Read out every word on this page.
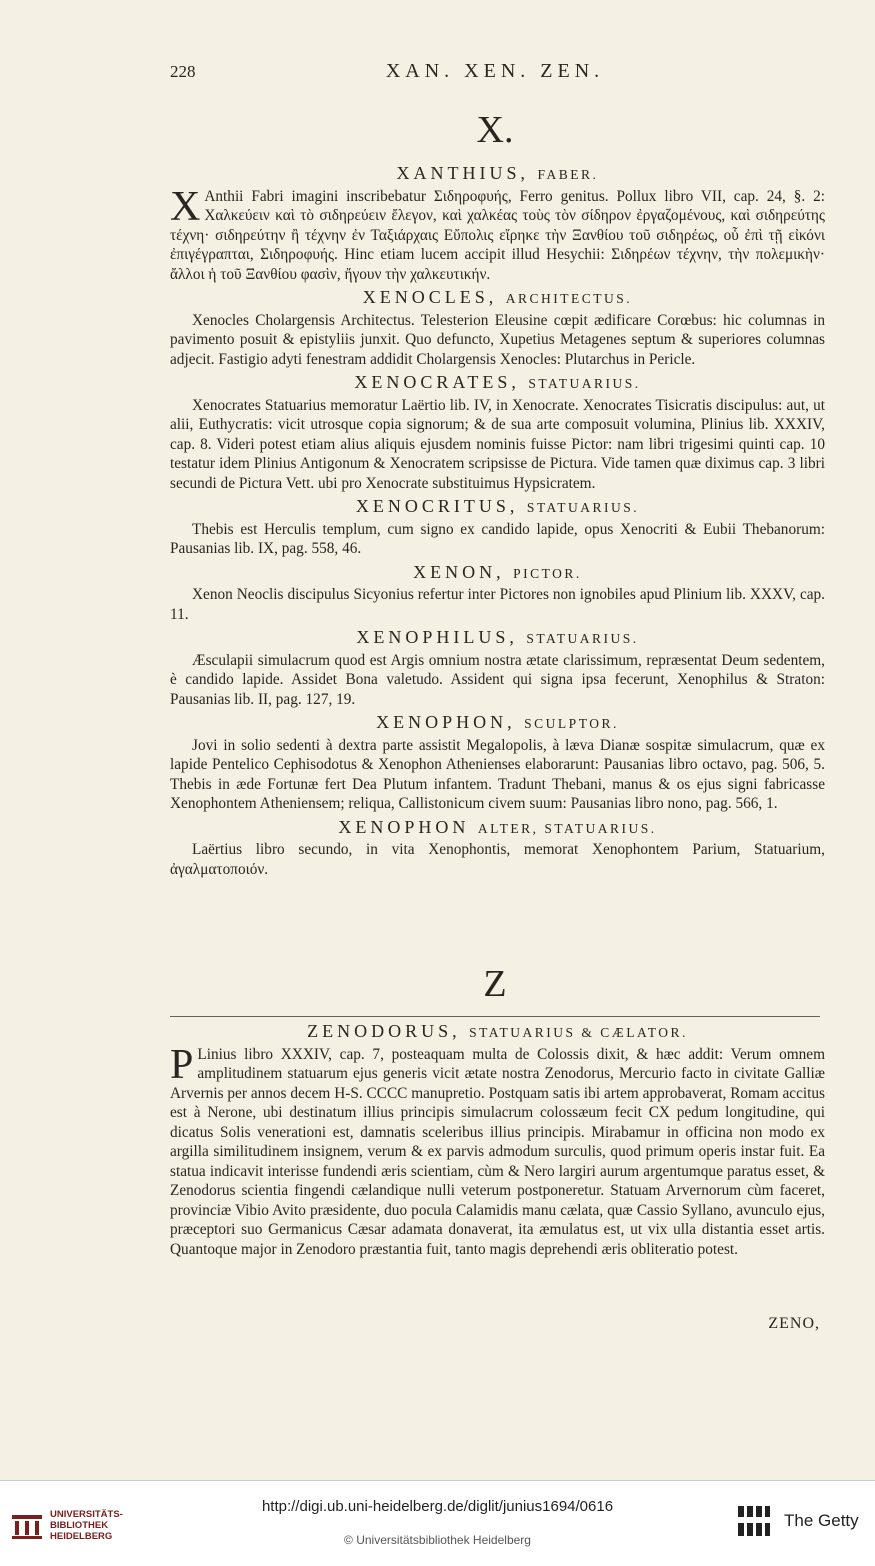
228	XAN. XEN. ZEN.
X.
XANTHIUS, FABER.

X Anthii Fabri imagini inscribebatur Σιδηροφυής, Ferro genitus. Pollux libro VII, cap. 24, §. 2: Χαλκεύειν καὶ τὸ σιδηρεύειν ἔλεγον, καὶ χαλκέας τοὺς τὸν σίδηρον ἐργαζομένους, καὶ σιδηρεύτης τέχνη· σιδηρεύτην ἢ τέχνην ἐν Ταξιάρχαις Εὔπολις εἴρηκε τὴν Ξανθίου τοῦ σιδηρέως, οὗ ἐπὶ τῇ εἰκόνι ἐπιγέγραπται, Σιδηροφυής. Hinc etiam lucem accipit illud Hesychii: Σιδηρέων τέχνην, τὴν πολεμικὴν· ἄλλοι ἡ τοῦ Ξανθίου φασὶν, ἤγουν τὴν χαλκευτικήν.

XENOCLES, ARCHITECTUS.

Xenocles Cholargensis Architectus. Telesterion Eleusine cœpit ædificare Corœbus: hic columnas in pavimento posuit & epistyliis junxit. Quo defuncto, Xupetius Metagenes septum & superiores columnas adjecit. Fastigio adyti fenestram addidit Cholargensis Xenocles: Plutarchus in Pericle.

XENOCRATES, STATUARIUS.

Xenocrates Statuarius memoratur Laërtio lib. IV, in Xenocrate. Xenocrates Tisicratis discipulus: aut, ut alii, Euthycratis: vicit utrosque copia signorum; & de sua arte composuit volumina, Plinius lib. XXXIV, cap. 8. Videri potest etiam alius aliquis ejusdem nominis fuisse Pictor: nam libri trigesimi quinti cap. 10 testatur idem Plinius Antigonum & Xenocratem scripsisse de Pictura. Vide tamen quæ diximus cap. 3 libri secundi de Pictura Vett. ubi pro Xenocrate substituimus Hypsicratem.

XENOCRITUS, STATUARIUS.

Thebis est Herculis templum, cum signo ex candido lapide, opus Xenocriti & Eubii Thebanorum: Pausanias lib. IX, pag. 558, 46.

XENON, PICTOR.

Xenon Neoclis discipulus Sicyonius refertur inter Pictores non ignobiles apud Plinium lib. XXXV, cap. 11.

XENOPHILUS, STATUARIUS.

Æsculapii simulacrum quod est Argis omnium nostra ætate clarissimum, repræsentat Deum sedentem, è candido lapide. Assidet Bona valetudo. Assident qui signa ipsa fecerunt, Xenophilus & Straton: Pausanias lib. II, pag. 127, 19.

XENOPHON, SCULPTOR.

Jovi in solio sedenti à dextra parte assistit Megalopolis, à læva Dianæ sospitæ simulacrum, quæ ex lapide Pentelico Cephisodotus & Xenophon Athenienses elaborarunt: Pausanias libro octavo, pag. 506, 5. Thebis in æde Fortunæ fert Dea Plutum infantem. Tradunt Thebani, manus & os ejus signi fabricasse Xenophontem Atheniensem; reliqua, Callistonicum civem suum: Pausanias libro nono, pag. 566, 1.

XENOPHON ALTER, STATUARIUS.

Laërtius libro secundo, in vita Xenophontis, memorat Xenophontem Parium, Statuarium, ἀγαλματοποιόν.

Z
ZENODORUS, STATUARIUS & CÆLATOR.

P Linius libro XXXIV, cap. 7, posteaquam multa de Colossis dixit, & hæc addit: Verum omnem amplitudinem statuarum ejus generis vicit ætate nostra Zenodorus, Mercurio facto in civitate Galliæ Arvernis per annos decem H-S. CCCC manupretio. Postquam satis ibi artem approbaverat, Romam accitus est à Nerone, ubi destinatum illius principis simulacrum colossæum fecit CX pedum longitudine, qui dicatus Solis venerationi est, damnatis sceleribus illius principis. Mirabamur in officina non modo ex argilla similitudinem insignem, verum & ex parvis admodum surculis, quod primum operis instar fuit. Ea statua indicavit interisse fundendi æris scientiam, cùm & Nero largiri aurum argentumque paratus esset, & Zenodorus scientia fingendi cælandique nulli veterum postponeretur. Statuam Arvernorum cùm faceret, provinciæ Vibio Avito præsidente, duo pocula Calamidis manu cælata, quæ Cassio Syllano, avunculo ejus, præceptori suo Germanicus Cæsar adamata donaverat, ita æmulatus est, ut vix ulla distantia esset artis. Quantoque major in Zenodoro præstantia fuit, tanto magis deprehendi æris obliteratio potest.

ZENO,
UNIVERSITÄTS-
BIBLIOTHEK
HEIDELBERG
http://digi.ub.uni-heidelberg.de/diglit/junius1694/0616
© Universitätsbibliothek Heidelberg
The Getty
